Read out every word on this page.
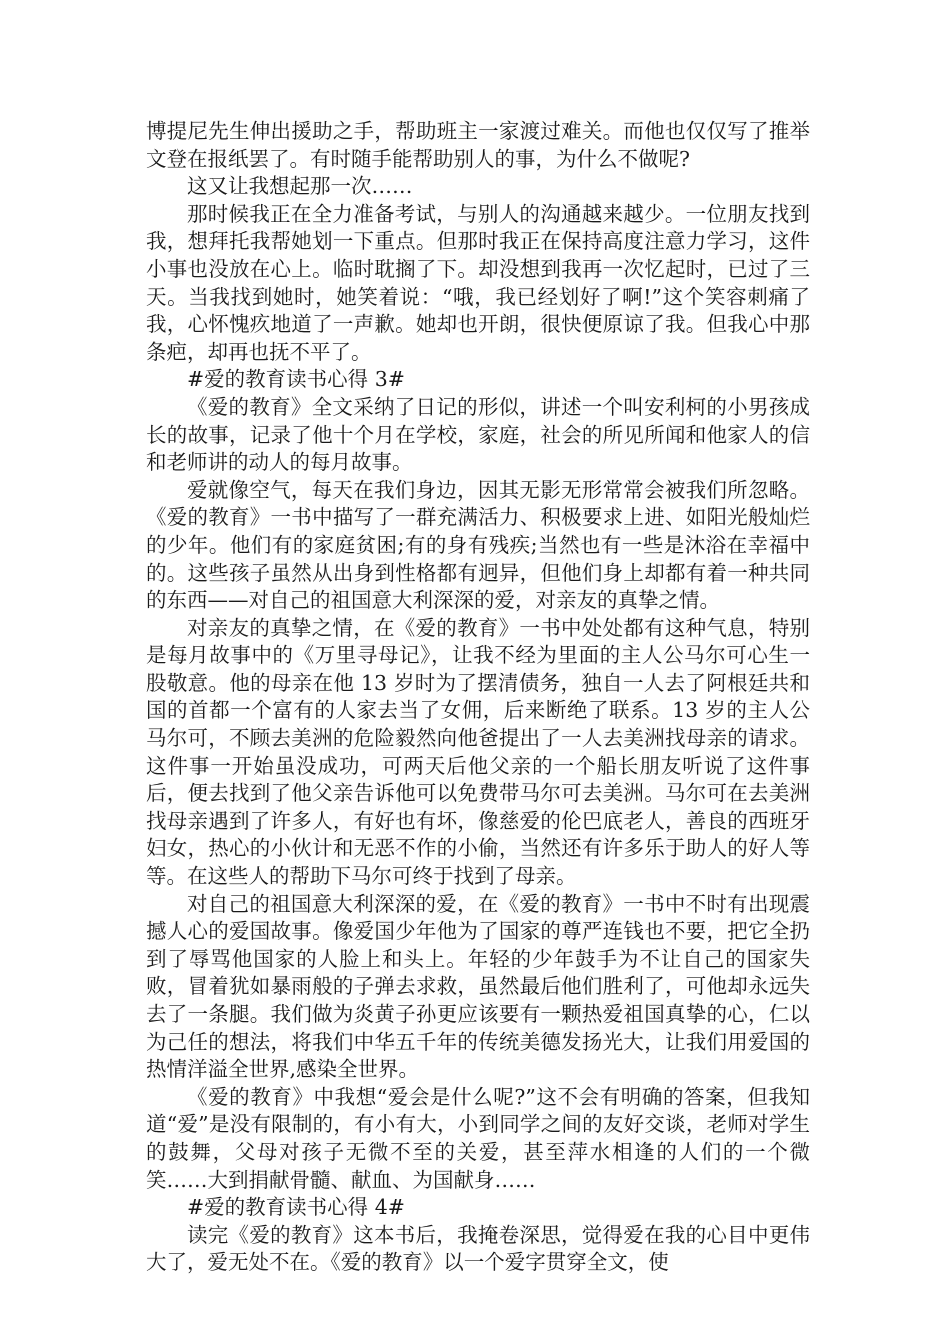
博提尼先生伸出援助之手，帮助班主一家渡过难关。而他也仅仅写了推举文登在报纸罢了。有时随手能帮助别人的事，为什么不做呢?

这又让我想起那一次……

那时候我正在全力准备考试，与别人的沟通越来越少。一位朋友找到我，想拜托我帮她划一下重点。但那时我正在保持高度注意力学习，这件小事也没放在心上。临时耽搁了下。却没想到我再一次忆起时，已过了三天。当我找到她时，她笑着说：“哦，我已经划好了啊!”这个笑容刺痛了我，心怀愧疚地道了一声歉。她却也开朗，很快便原谅了我。但我心中那条疤，却再也抚不平了。

#爱的教育读书心得 3#

《爱的教育》全文采纳了日记的形似，讲述一个叫安利柯的小男孩成长的故事，记录了他十个月在学校，家庭，社会的所见所闻和他家人的信和老师讲的动人的每月故事。

爱就像空气，每天在我们身边，因其无影无形常常会被我们所忽略。《爱的教育》一书中描写了一群充满活力、积极要求上进、如阳光般灿烂的少年。他们有的家庭贫困;有的身有残疾;当然也有一些是沐浴在幸福中的。这些孩子虽然从出身到性格都有迥异，但他们身上却都有着一种共同的东西——对自己的祖国意大利深深的爱，对亲友的真挚之情。

对亲友的真挚之情，在《爱的教育》一书中处处都有这种气息，特别是每月故事中的《万里寻母记》，让我不经为里面的主人公马尔可心生一股敬意。他的母亲在他 13 岁时为了摆清债务，独自一人去了阿根廷共和国的首都一个富有的人家去当了女佣，后来断绝了联系。13 岁的主人公马尔可，不顾去美洲的危险毅然向他爸提出了一人去美洲找母亲的请求。这件事一开始虽没成功，可两天后他父亲的一个船长朋友听说了这件事后，便去找到了他父亲告诉他可以免费带马尔可去美洲。马尔可在去美洲找母亲遇到了许多人，有好也有坏，像慈爱的伦巴底老人，善良的西班牙妇女，热心的小伙计和无恶不作的小偷，当然还有许多乐于助人的好人等等。在这些人的帮助下马尔可终于找到了母亲。

对自己的祖国意大利深深的爱，在《爱的教育》一书中不时有出现震撼人心的爱国故事。像爱国少年他为了国家的尊严连钱也不要，把它全扔到了辱骂他国家的人脸上和头上。年轻的少年鼓手为不让自己的国家失败，冒着犹如暴雨般的子弹去求救，虽然最后他们胜利了，可他却永远失去了一条腿。我们做为炎黄子孙更应该要有一颗热爱祖国真挚的心，仁以为己任的想法，将我们中华五千年的传统美德发扬光大，让我们用爱国的热情洋溢全世界,感染全世界。

《爱的教育》中我想“爱会是什么呢?”这不会有明确的答案，但我知道“爱”是没有限制的，有小有大，小到同学之间的友好交谈，老师对学生的鼓舞，父母对孩子无微不至的关爱，甚至萍水相逢的人们的一个微笑……大到捐献骨髓、献血、为国献身……

#爱的教育读书心得 4#

读完《爱的教育》这本书后，我掩卷深思，觉得爱在我的心目中更伟大了，爱无处不在。《爱的教育》以一个爱字贯穿全文，使
